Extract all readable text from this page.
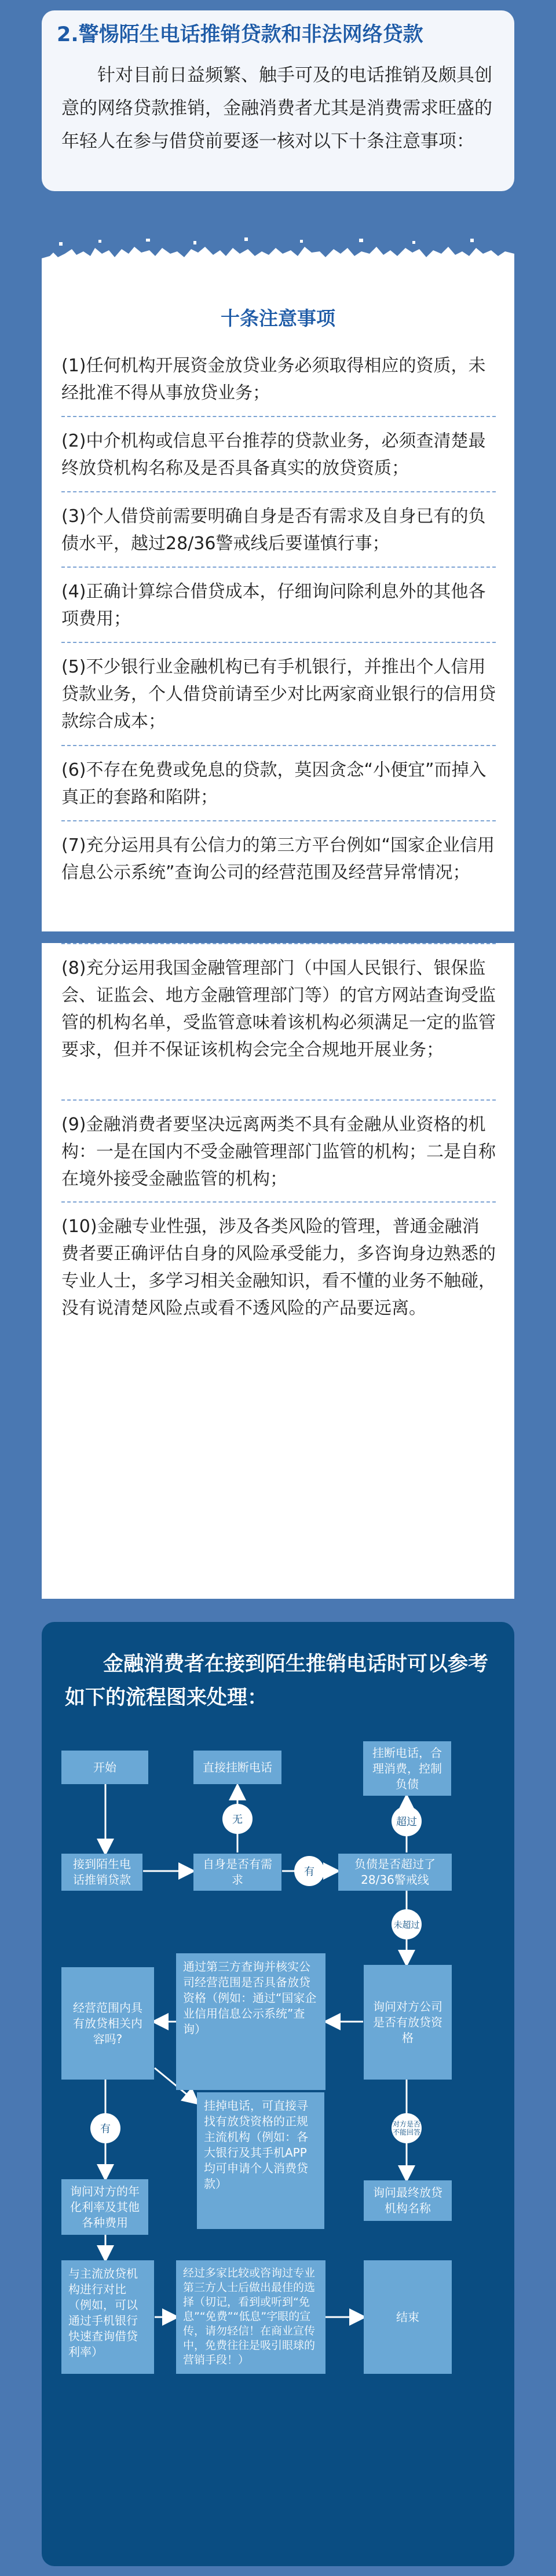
2.警惕陌生电话推销贷款和非法网络贷款

针对目前日益频繁、触手可及的电话推销及颇具创意的网络贷款推销，金融消费者尤其是消费需求旺盛的年轻人在参与借贷前要逐一核对以下十条注意事项：

十条注意事项

(1)任何机构开展资金放贷业务必须取得相应的资质，未经批准不得从事放贷业务；

(2)中介机构或信息平台推荐的贷款业务，必须查清楚最终放贷机构名称及是否具备真实的放贷资质；

(3)个人借贷前需要明确自身是否有需求及自身已有的负债水平，越过28/36警戒线后要谨慎行事；

(4)正确计算综合借贷成本，仔细询问除利息外的其他各项费用；

(5)不少银行业金融机构已有手机银行，并推出个人信用贷款业务，个人借贷前请至少对比两家商业银行的信用贷款综合成本；

(6)不存在免费或免息的贷款，莫因贪念“小便宜”而掉入真正的套路和陷阱；

(7)充分运用具有公信力的第三方平台例如“国家企业信用信息公示系统”查询公司的经营范围及经营异常情况；

(8)充分运用我国金融管理部门（中国人民银行、银保监会、证监会、地方金融管理部门等）的官方网站查询受监管的机构名单，受监管意味着该机构必须满足一定的监管要求，但并不保证该机构会完全合规地开展业务；

(9)金融消费者要坚决远离两类不具有金融从业资格的机构：一是在国内不受金融管理部门监管的机构；二是自称在境外接受金融监管的机构；

(10)金融专业性强，涉及各类风险的管理，普通金融消费者要正确评估自身的风险承受能力，多咨询身边熟悉的专业人士，多学习相关金融知识，看不懂的业务不触碰，没有说清楚风险点或看不透风险的产品要远离。

金融消费者在接到陌生推销电话时可以参考如下的流程图来处理：

开始	直接挂断电话
挂断电话，合理消费，控制负债
接到陌生电话推销贷款
自身是否有需求
负债是否超过了28/36警戒线
无
有
超过
未超过
通过第三方查询并核实公司经营范围是否具备放贷资格（例如：通过“国家企业信用信息公示系统”查询）
经营范围内具有放贷相关内容吗?
询问对方公司是否有放贷资格
有	对方是否不能回答
挂掉电话，可直接寻找有放贷资格的正规主流机构（例如：各大银行及其手机APP均可申请个人消费贷款）
询问对方的年化利率及其他各种费用
询问最终放贷机构名称
与主流放贷机构进行对比（例如，可以通过手机银行快速查询借贷利率）
经过多家比较或咨询过专业第三方人士后做出最佳的选择（切记，看到或听到“免息”“免费”“低息”字眼的宣传，请勿轻信！在商业宣传中，免费往往是吸引眼球的营销手段！）
结束
